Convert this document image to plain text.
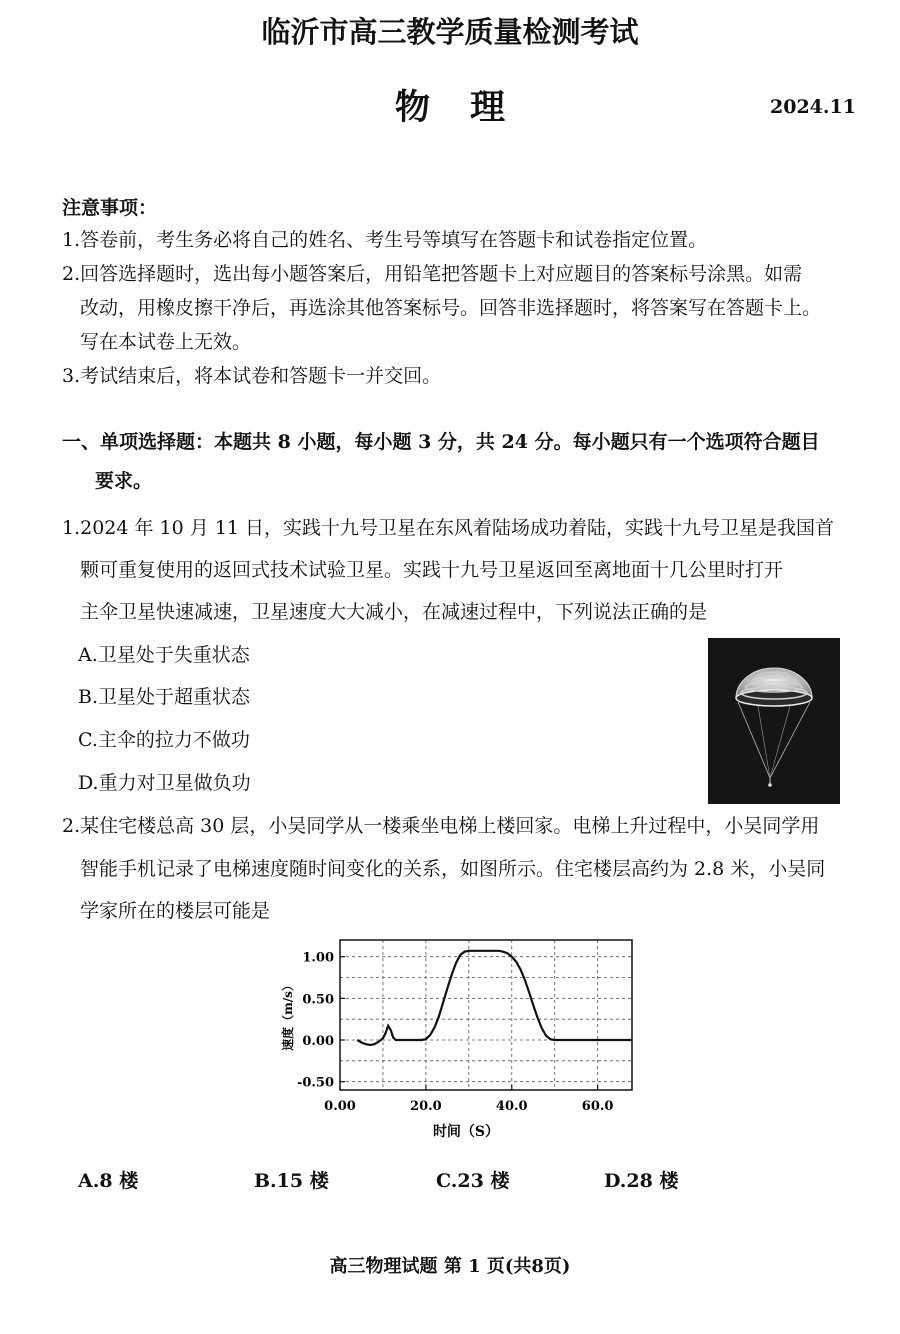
临沂市高三教学质量检测考试
物理	2024.11
注意事项：
1.答卷前，考生务必将自己的姓名、考生号等填写在答题卡和试卷指定位置。
2.回答选择题时，选出每小题答案后，用铅笔把答题卡上对应题目的答案标号涂黑。如需
改动，用橡皮擦干净后，再选涂其他答案标号。回答非选择题时，将答案写在答题卡上。
写在本试卷上无效。
3.考试结束后，将本试卷和答题卡一并交回。
一、单项选择题：本题共 8 小题，每小题 3 分，共 24 分。每小题只有一个选项符合题目
要求。
1.2024 年 10 月 11 日，实践十九号卫星在东风着陆场成功着陆，实践十九号卫星是我国首
颗可重复使用的返回式技术试验卫星。实践十九号卫星返回至离地面十几公里时打开
主伞卫星快速减速，卫星速度大大减小，在减速过程中，下列说法正确的是
A.卫星处于失重状态
B.卫星处于超重状态
C.主伞的拉力不做功
D.重力对卫星做负功
2.某住宅楼总高 30 层，小吴同学从一楼乘坐电梯上楼回家。电梯上升过程中，小吴同学用
智能手机记录了电梯速度随时间变化的关系，如图所示。住宅楼层高约为 2.8 米，小吴同
学家所在的楼层可能是
0.00	20.0	40.0	60.0
1.00
0.50
0.00
-0.50
速度（m/s）
时间（S）
A.8 楼	B.15 楼	C.23 楼	D.28 楼
高三物理试题 第 1 页(共8页)
